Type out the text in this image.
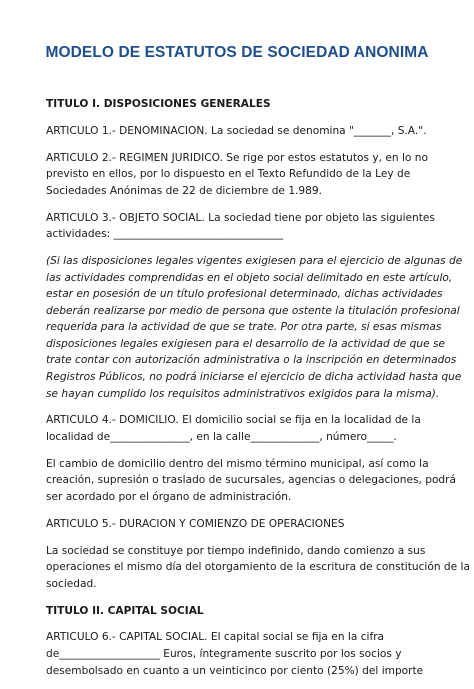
MODELO DE ESTATUTOS DE SOCIEDAD ANONIMA

TITULO I. DISPOSICIONES GENERALES

ARTICULO 1.- DENOMINACION. La sociedad se denomina "_______, S.A.".

ARTICULO 2.- REGIMEN JURIDICO. Se rige por estos estatutos y, en lo no
previsto en ellos, por lo dispuesto en el Texto Refundido de la Ley de
Sociedades Anónimas de 22 de diciembre de 1.989.

ARTICULO 3.- OBJETO SOCIAL. La sociedad tiene por objeto las siguientes
actividades: ________________________________

(Si las disposiciones legales vigentes exigiesen para el ejercicio de algunas de
las actividades comprendidas en el objeto social delimitado en este artículo,
estar en posesión de un título profesional determinado, dichas actividades
deberán realizarse por medio de persona que ostente la titulación profesional
requerida para la actividad de que se trate. Por otra parte, si esas mismas
disposiciones legales exigiesen para el desarrollo de la actividad de que se
trate contar con autorización administrativa o la inscripción en determinados
Registros Públicos, no podrá iniciarse el ejercicio de dicha actividad hasta que
se hayan cumplido los requisitos administrativos exigidos para la misma).

ARTICULO 4.- DOMICILIO. El domicilio social se fija en la localidad de la
localidad de_______________, en la calle_____________, número_____.

El cambio de domicilio dentro del mismo término municipal, así como la
creación, supresión o traslado de sucursales, agencias o delegaciones, podrá
ser acordado por el órgano de administración.

ARTICULO 5.- DURACION Y COMIENZO DE OPERACIONES

La sociedad se constituye por tiempo indefinido, dando comienzo a sus
operaciones el mismo día del otorgamiento de la escritura de constitución de la
sociedad.

TITULO II. CAPITAL SOCIAL

ARTICULO 6.- CAPITAL SOCIAL. El capital social se fija en la cifra
de___________________ Euros, íntegramente suscrito por los socios y
desembolsado en cuanto a un veinticinco por ciento (25%) del importe
